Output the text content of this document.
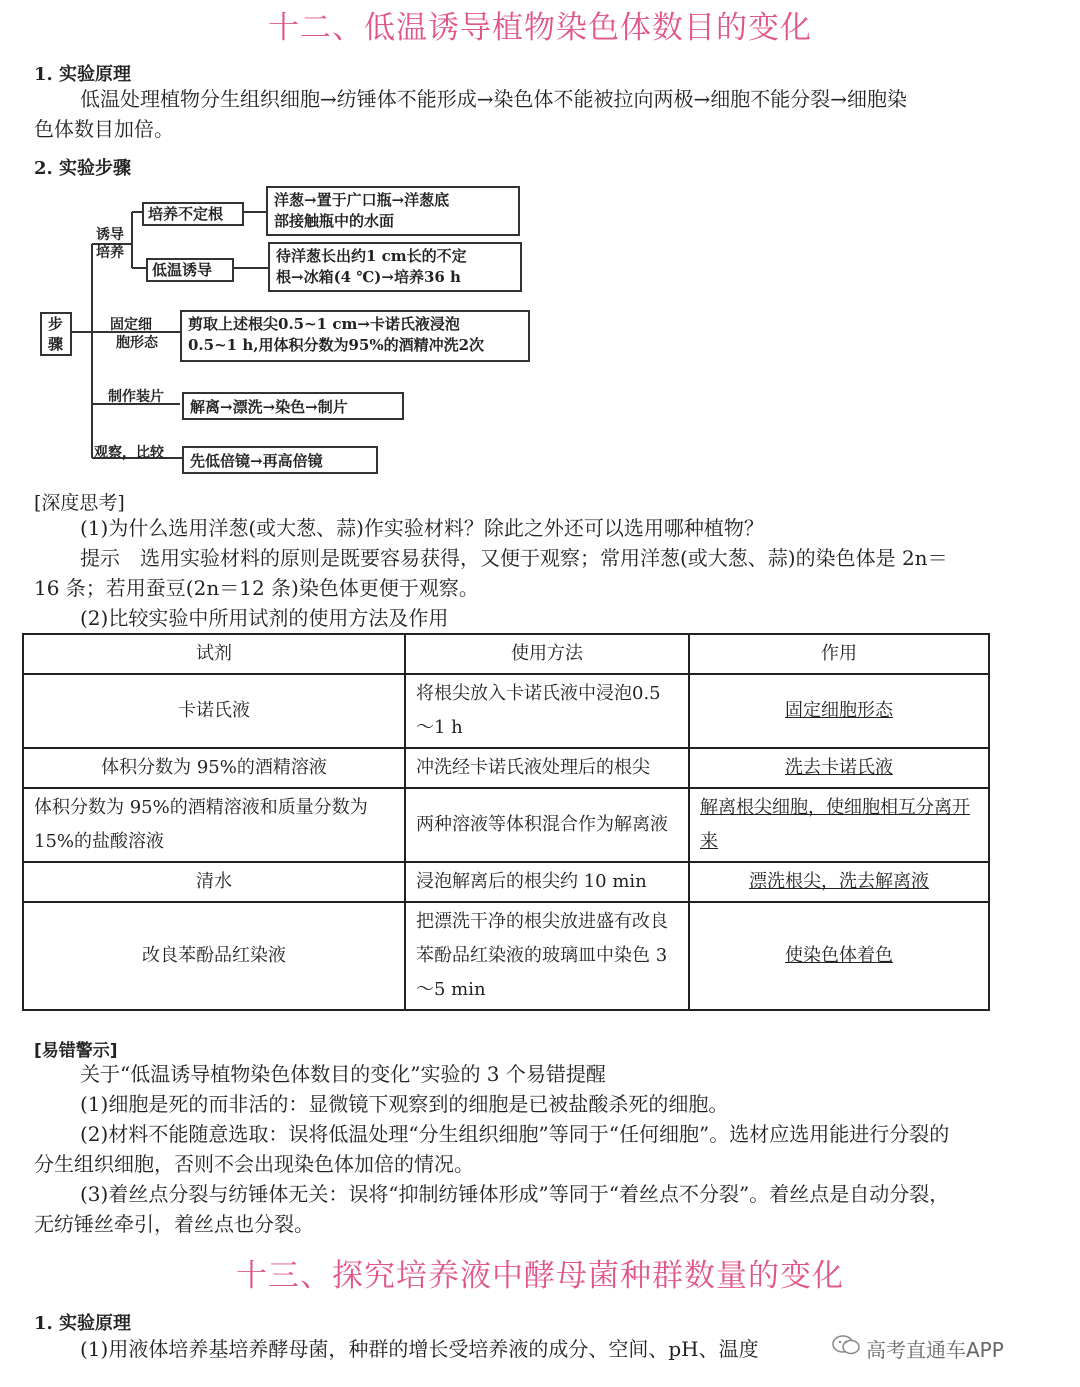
十二、低温诱导植物染色体数目的变化
1. 实验原理
低温处理植物分生组织细胞→纺锤体不能形成→染色体不能被拉向两极→细胞不能分裂→细胞染
色体数目加倍。
2. 实验步骤
步
骤
诱导
培养
培养不定根
低温诱导
洋葱→置于广口瓶→洋葱底
部接触瓶中的水面
待洋葱长出约1 cm长的不定
根→冰箱(4 ℃)→培养36 h
固定细
胞形态
剪取上述根尖0.5~1 cm→卡诺氏液浸泡
0.5~1 h,用体积分数为95%的酒精冲洗2次
制作装片
解离→漂洗→染色→制片
观察，比较	先低倍镜→再高倍镜
[深度思考]
(1)为什么选用洋葱(或大葱、蒜)作实验材料？除此之外还可以选用哪种植物？
提示　选用实验材料的原则是既要容易获得，又便于观察；常用洋葱(或大葱、蒜)的染色体是 2n＝
16 条；若用蚕豆(2n＝12 条)染色体更便于观察。
(2)比较实验中所用试剂的使用方法及作用
试剂	使用方法	作用
卡诺氏液	将根尖放入卡诺氏液中浸泡0.5～1 h	固定细胞形态
体积分数为 95%的酒精溶液	冲洗经卡诺氏液处理后的根尖	洗去卡诺氏液
体积分数为 95%的酒精溶液和质量分数为15%的盐酸溶液	两种溶液等体积混合作为解离液	解离根尖细胞，使细胞相互分离开来
清水	浸泡解离后的根尖约 10 min	漂洗根尖，洗去解离液
改良苯酚品红染液	把漂洗干净的根尖放进盛有改良苯酚品红染液的玻璃皿中染色 3～5 min	使染色体着色
[易错警示]
关于“低温诱导植物染色体数目的变化”实验的 3 个易错提醒
(1)细胞是死的而非活的：显微镜下观察到的细胞是已被盐酸杀死的细胞。
(2)材料不能随意选取：误将低温处理“分生组织细胞”等同于“任何细胞”。选材应选用能进行分裂的
分生组织细胞，否则不会出现染色体加倍的情况。
(3)着丝点分裂与纺锤体无关：误将“抑制纺锤体形成”等同于“着丝点不分裂”。着丝点是自动分裂，
无纺锤丝牵引，着丝点也分裂。
十三、探究培养液中酵母菌种群数量的变化
1. 实验原理
(1)用液体培养基培养酵母菌，种群的增长受培养液的成分、空间、pH、温度	高考直通车APP
